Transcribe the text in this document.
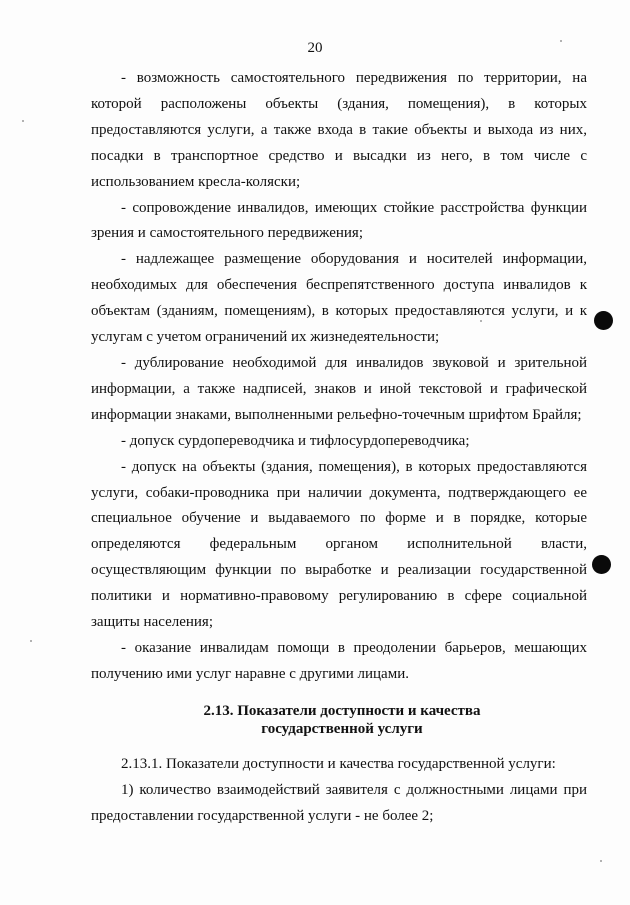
20

- возможность самостоятельного передвижения по территории, на которой расположены объекты (здания, помещения), в которых предоставляются услуги, а также входа в такие объекты и выхода из них, посадки в транспортное средство и высадки из него, в том числе с использованием кресла-коляски;

- сопровождение инвалидов, имеющих стойкие расстройства функции зрения и самостоятельного передвижения;

- надлежащее размещение оборудования и носителей информации, необходимых для обеспечения беспрепятственного доступа инвалидов к объектам (зданиям, помещениям), в которых предоставляются услуги, и к услугам с учетом ограничений их жизнедеятельности;

- дублирование необходимой для инвалидов звуковой и зрительной информации, а также надписей, знаков и иной текстовой и графической информации знаками, выполненными рельефно-точечным шрифтом Брайля;

- допуск сурдопереводчика и тифлосурдопереводчика;

- допуск на объекты (здания, помещения), в которых предоставляются услуги, собаки-проводника при наличии документа, подтверждающего ее специальное обучение и выдаваемого по форме и в порядке, которые определяются федеральным органом исполнительной власти, осуществляющим функции по выработке и реализации государственной политики и нормативно-правовому регулированию в сфере социальной защиты населения;

- оказание инвалидам помощи в преодолении барьеров, мешающих получению ими услуг наравне с другими лицами.

2.13. Показатели доступности и качества
государственной услуги

2.13.1. Показатели доступности и качества государственной услуги:

1) количество взаимодействий заявителя с должностными лицами при предоставлении государственной услуги - не более 2;
